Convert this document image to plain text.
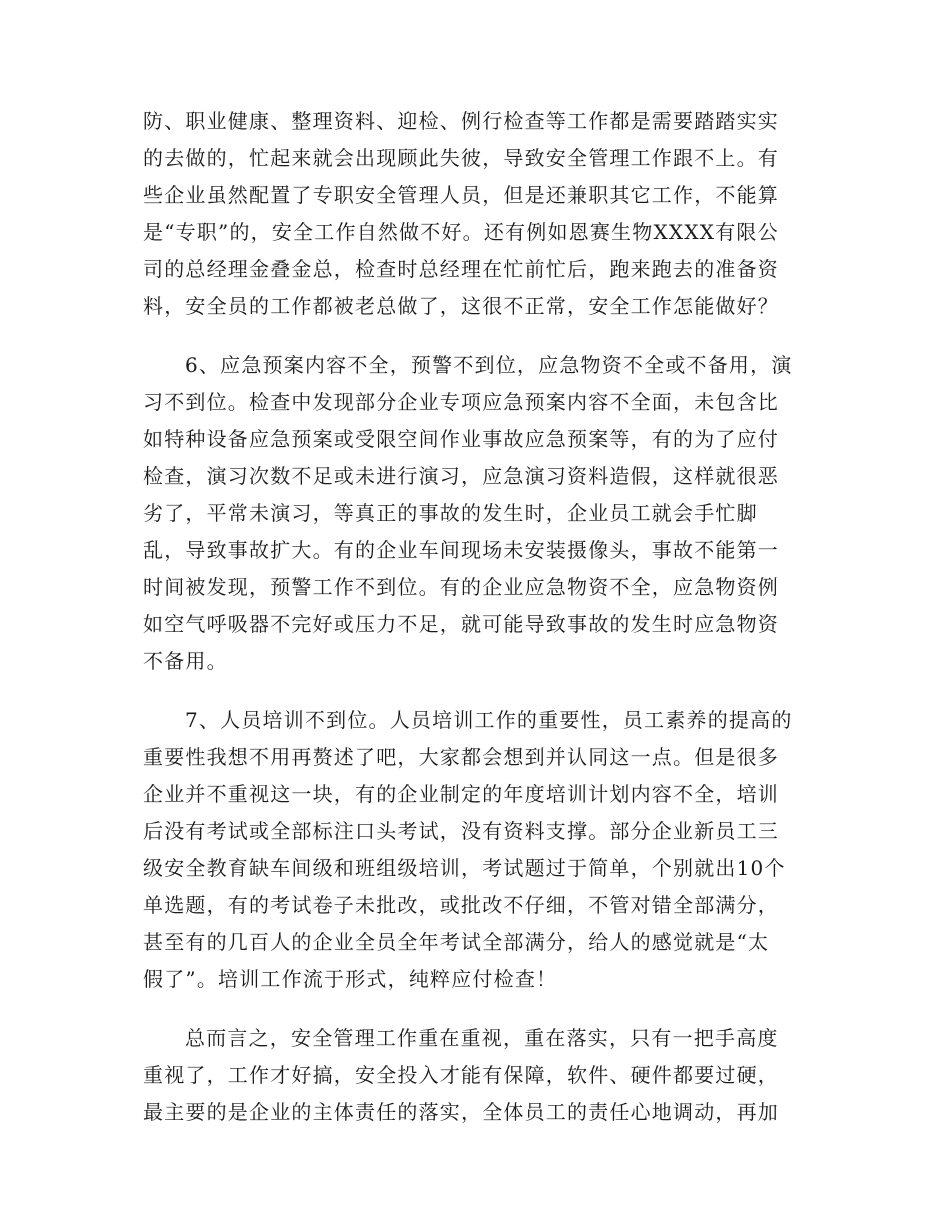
防、职业健康、整理资料、迎检、例行检查等工作都是需要踏踏实实
的去做的，忙起来就会出现顾此失彼，导致安全管理工作跟不上。有
些企业虽然配置了专职安全管理人员，但是还兼职其它工作，不能算
是“专职”的，安全工作自然做不好。还有例如恩赛生物XXXX有限公
司的总经理金叠金总，检查时总经理在忙前忙后，跑来跑去的准备资
料，安全员的工作都被老总做了，这很不正常，安全工作怎能做好？

6、应急预案内容不全，预警不到位，应急物资不全或不备用，演
习不到位。检查中发现部分企业专项应急预案内容不全面，未包含比
如特种设备应急预案或受限空间作业事故应急预案等，有的为了应付
检查，演习次数不足或未进行演习，应急演习资料造假，这样就很恶
劣了，平常未演习，等真正的事故的发生时，企业员工就会手忙脚
乱，导致事故扩大。有的企业车间现场未安装摄像头，事故不能第一
时间被发现，预警工作不到位。有的企业应急物资不全，应急物资例
如空气呼吸器不完好或压力不足，就可能导致事故的发生时应急物资
不备用。

7、人员培训不到位。人员培训工作的重要性，员工素养的提高的
重要性我想不用再赘述了吧，大家都会想到并认同这一点。但是很多
企业并不重视这一块，有的企业制定的年度培训计划内容不全，培训
后没有考试或全部标注口头考试，没有资料支撑。部分企业新员工三
级安全教育缺车间级和班组级培训，考试题过于简单，个别就出10个
单选题，有的考试卷子未批改，或批改不仔细，不管对错全部满分，
甚至有的几百人的企业全员全年考试全部满分，给人的感觉就是“太
假了”。培训工作流于形式，纯粹应付检查！

总而言之，安全管理工作重在重视，重在落实，只有一把手高度
重视了，工作才好搞，安全投入才能有保障，软件、硬件都要过硬，
最主要的是企业的主体责任的落实，全体员工的责任心地调动，再加
